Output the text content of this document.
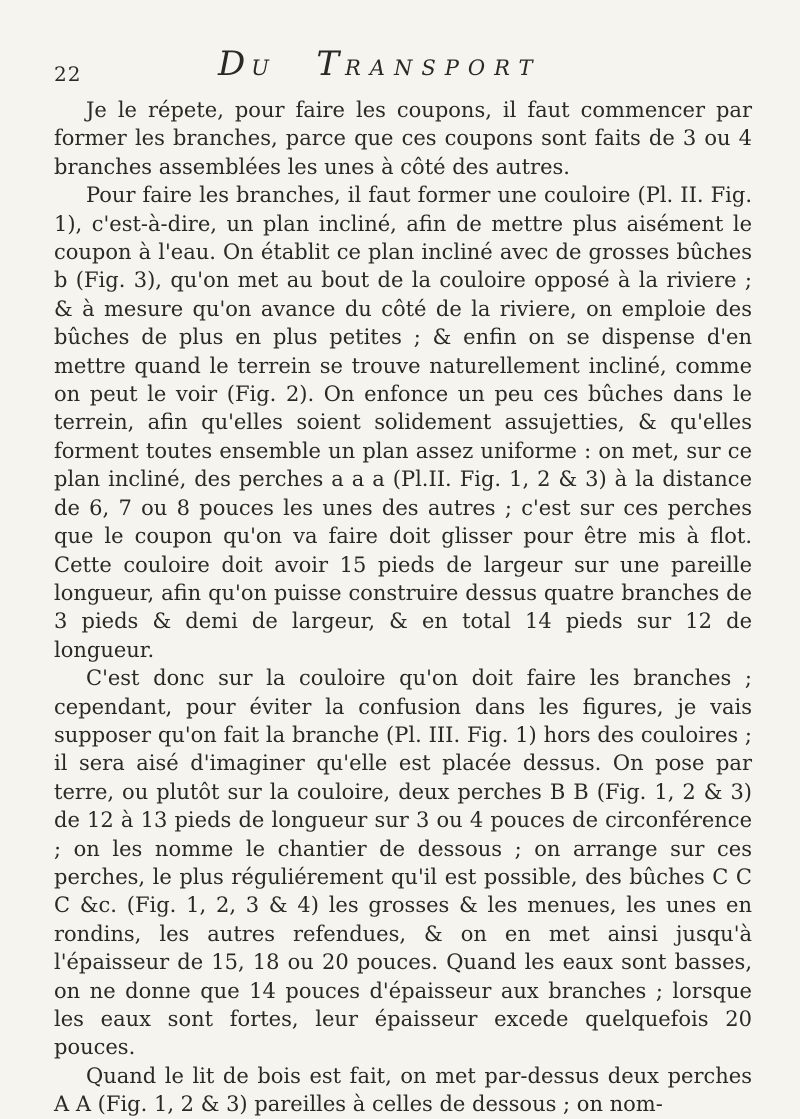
22	DU TRANSPORT

Je le répete, pour faire les coupons, il faut commencer par former les branches, parce que ces coupons sont faits de 3 ou 4 branches assemblées les unes à côté des autres.

Pour faire les branches, il faut former une couloire (Pl. II. Fig. 1), c'est-à-dire, un plan incliné, afin de mettre plus aisément le coupon à l'eau. On établit ce plan incliné avec de grosses bûches b (Fig. 3), qu'on met au bout de la couloire opposé à la riviere ; & à mesure qu'on avance du côté de la riviere, on emploie des bûches de plus en plus petites ; & enfin on se dispense d'en mettre quand le terrein se trouve naturellement incliné, comme on peut le voir (Fig. 2). On enfonce un peu ces bûches dans le terrein, afin qu'elles soient solidement assujetties, & qu'elles forment toutes ensemble un plan assez uniforme : on met, sur ce plan incliné, des perches a a a (Pl.II. Fig. 1, 2 & 3) à la distance de 6, 7 ou 8 pouces les unes des autres ; c'est sur ces perches que le coupon qu'on va faire doit glisser pour être mis à flot. Cette couloire doit avoir 15 pieds de largeur sur une pareille longueur, afin qu'on puisse construire dessus quatre branches de 3 pieds & demi de largeur, & en total 14 pieds sur 12 de longueur.

C'est donc sur la couloire qu'on doit faire les branches ; cependant, pour éviter la confusion dans les figures, je vais supposer qu'on fait la branche (Pl. III. Fig. 1) hors des couloires ; il sera aisé d'imaginer qu'elle est placée dessus. On pose par terre, ou plutôt sur la couloire, deux perches B B (Fig. 1, 2 & 3) de 12 à 13 pieds de longueur sur 3 ou 4 pouces de circonférence ; on les nomme le chantier de dessous ; on arrange sur ces perches, le plus réguliérement qu'il est possible, des bûches C C C &c. (Fig. 1, 2, 3 & 4) les grosses & les menues, les unes en rondins, les autres refendues, & on en met ainsi jusqu'à l'épaisseur de 15, 18 ou 20 pouces. Quand les eaux sont basses, on ne donne que 14 pouces d'épaisseur aux branches ; lorsque les eaux sont fortes, leur épaisseur excede quelquefois 20 pouces.

Quand le lit de bois est fait, on met par-dessus deux perches A A (Fig. 1, 2 & 3) pareilles à celles de dessous ; on nom-
